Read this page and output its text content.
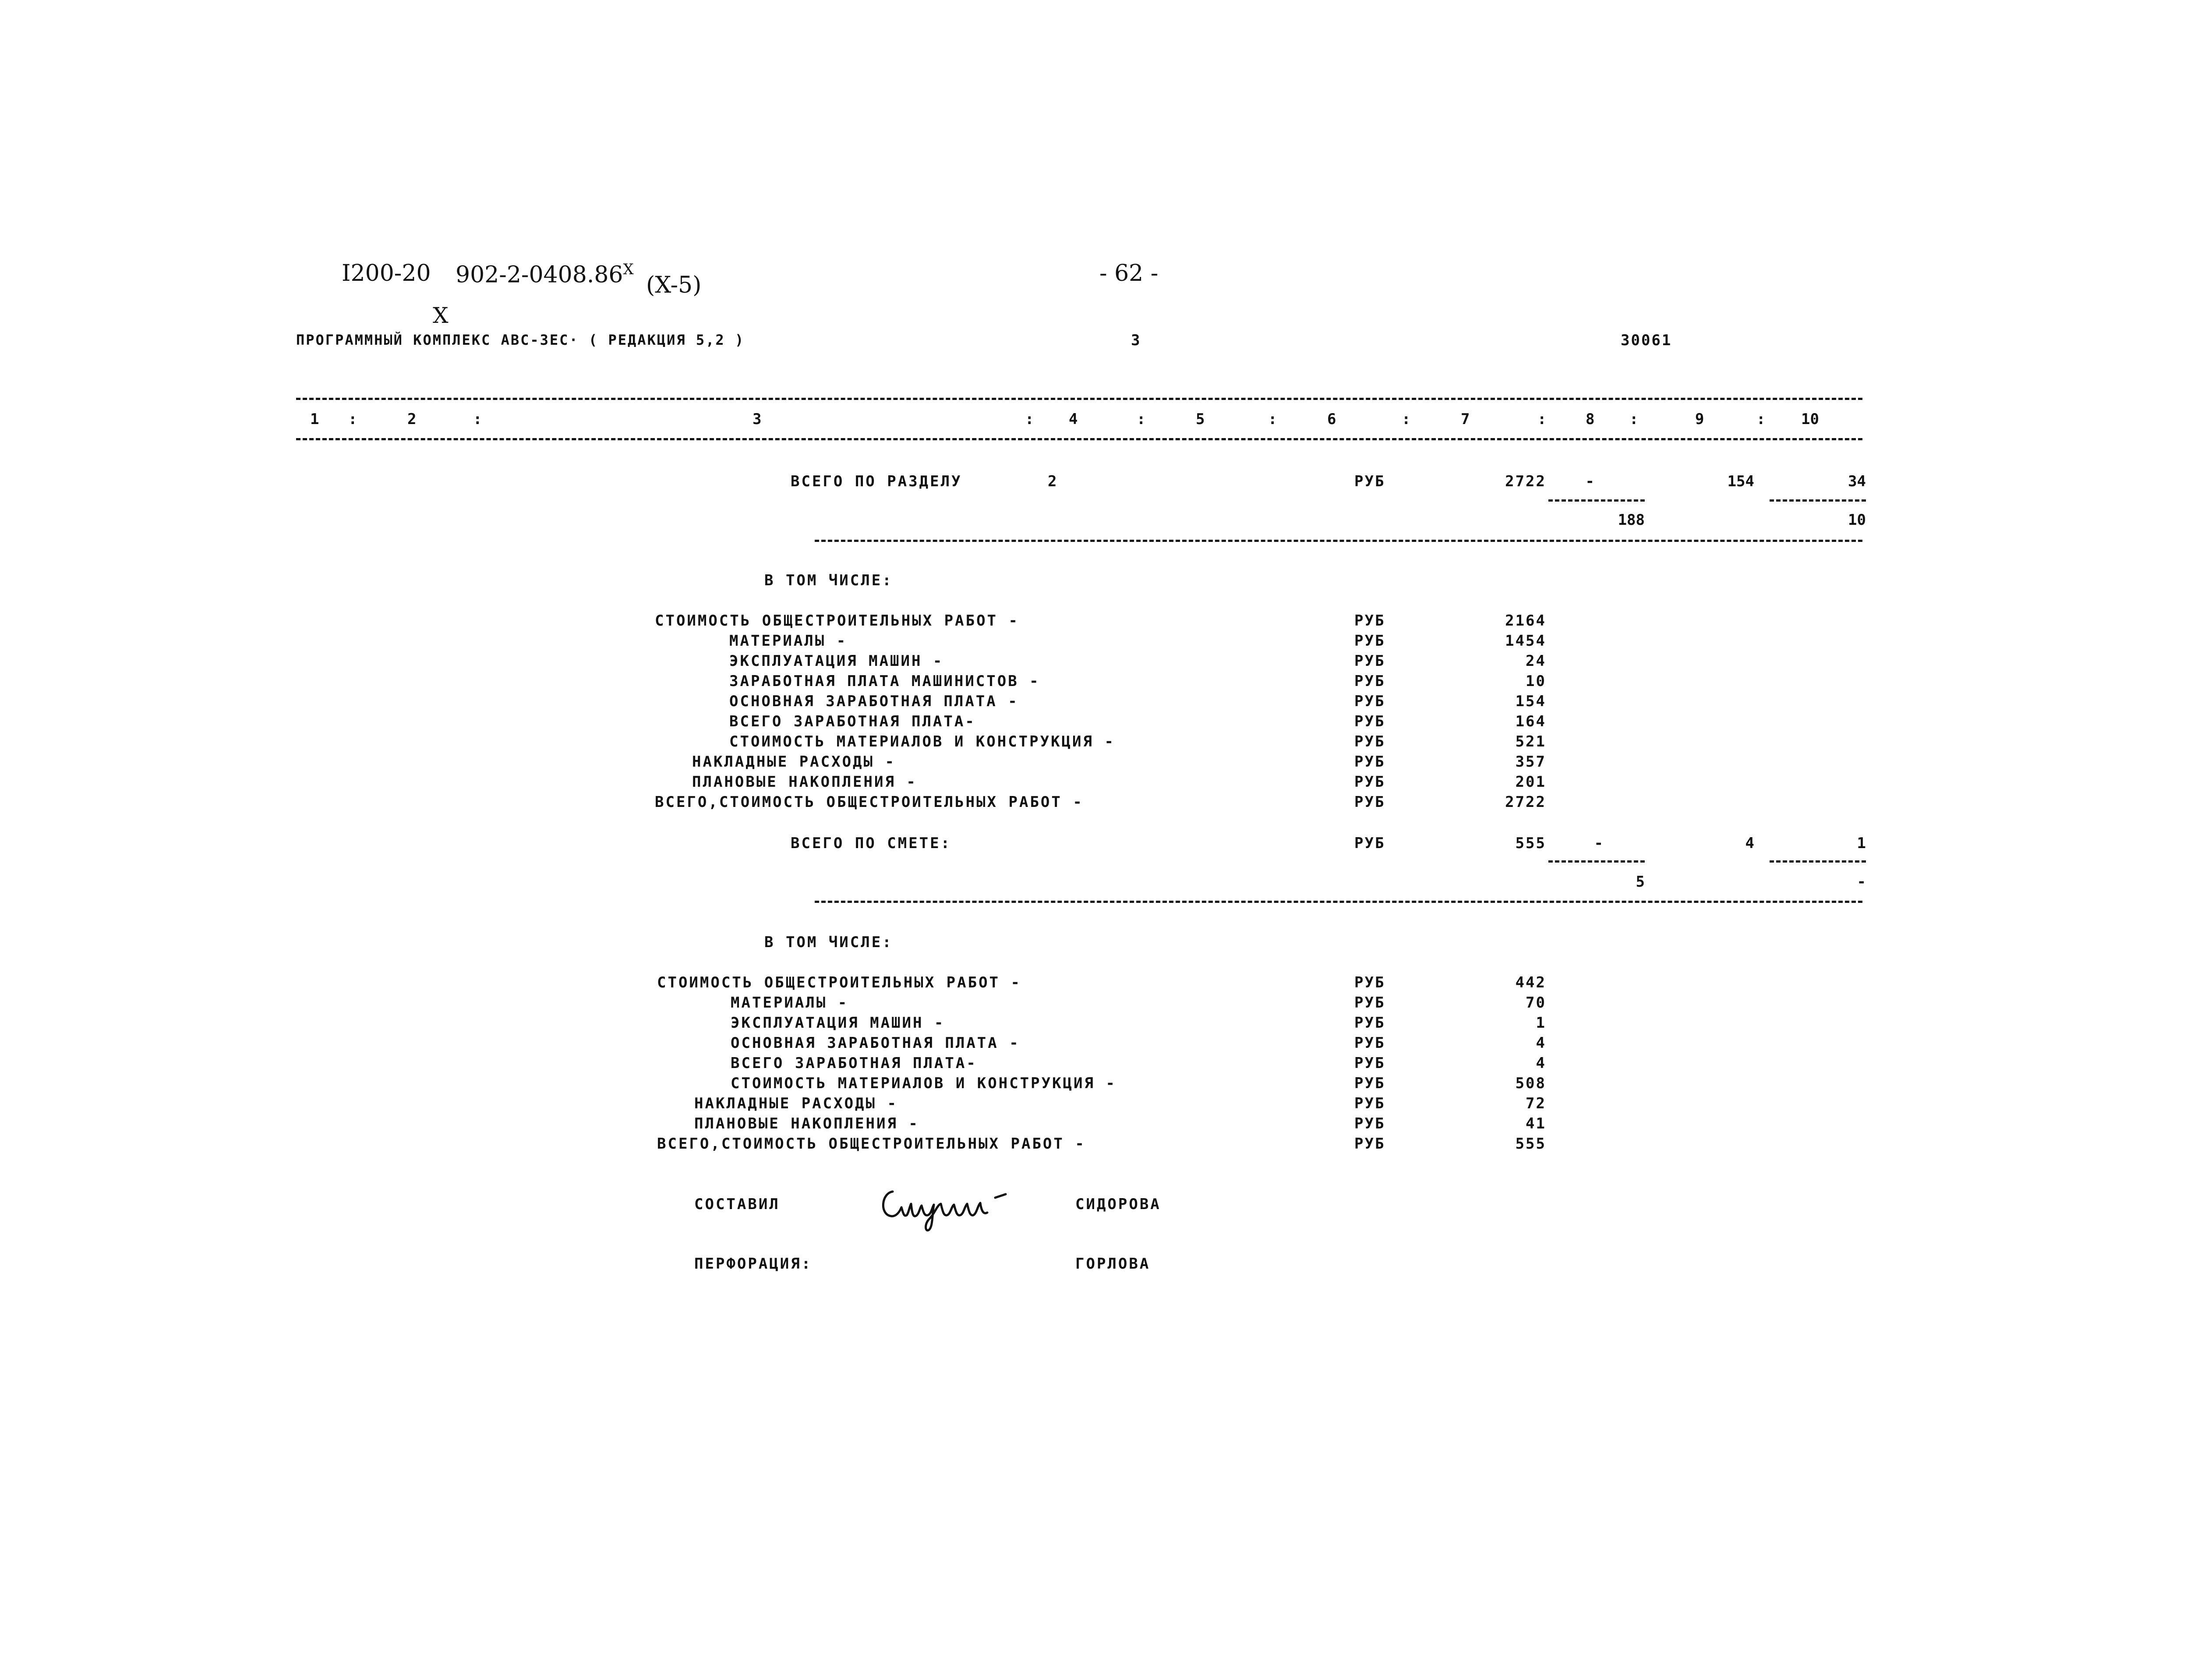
I200-20 $902-2-0408.86^X$
(X-5)
X
- 62 -
ПРОГРАММНЫЙ КОМПЛЕКС АВС-3ЕС· ( РЕДАКЦИЯ 5,2 )	3	30061
1 :	2	:	3	: 4	:	5	:	6	:	7	:	8 :	9	: 10
ВСЕГО ПО РАЗДЕЛУ	2	РУБ	2722	-	154	34
188	10
В ТОМ ЧИСЛЕ:
СТОИМОСТЬ ОБЩЕСТРОИТЕЛЬНЫХ РАБОТ -	РУБ	2164
МАТЕРИАЛЫ -	РУБ	1454
ЭКСПЛУАТАЦИЯ МАШИН -	РУБ	24
ЗАРАБОТНАЯ ПЛАТА МАШИНИСТОВ -	РУБ	10
ОСНОВНАЯ ЗАРАБОТНАЯ ПЛАТА -	РУБ	154
ВСЕГО ЗАРАБОТНАЯ ПЛАТА-	РУБ	164
СТОИМОСТЬ МАТЕРИАЛОВ И КОНСТРУКЦИЯ -	РУБ	521
НАКЛАДНЫЕ РАСХОДЫ -	РУБ	357
ПЛАНОВЫЕ НАКОПЛЕНИЯ -	РУБ	201
ВСЕГО,СТОИМОСТЬ ОБЩЕСТРОИТЕЛЬНЫХ РАБОТ -	РУБ	2722
ВСЕГО ПО СМЕТЕ:	РУБ	555	-	4	1
5	-
В ТОМ ЧИСЛЕ:
СТОИМОСТЬ ОБЩЕСТРОИТЕЛЬНЫХ РАБОТ -	РУБ	442
МАТЕРИАЛЫ -	РУБ	70
ЭКСПЛУАТАЦИЯ МАШИН -	РУБ	1
ОСНОВНАЯ ЗАРАБОТНАЯ ПЛАТА -	РУБ	4
ВСЕГО ЗАРАБОТНАЯ ПЛАТА-	РУБ	4
СТОИМОСТЬ МАТЕРИАЛОВ И КОНСТРУКЦИЯ -	РУБ	508
НАКЛАДНЫЕ РАСХОДЫ -	РУБ	72
ПЛАНОВЫЕ НАКОПЛЕНИЯ -	РУБ	41
ВСЕГО,СТОИМОСТЬ ОБЩЕСТРОИТЕЛЬНЫХ РАБОТ -	РУБ	555
СОСТАВИЛ	СИДОРОВА
ПЕРФОРАЦИЯ:	ГОРЛОВА
